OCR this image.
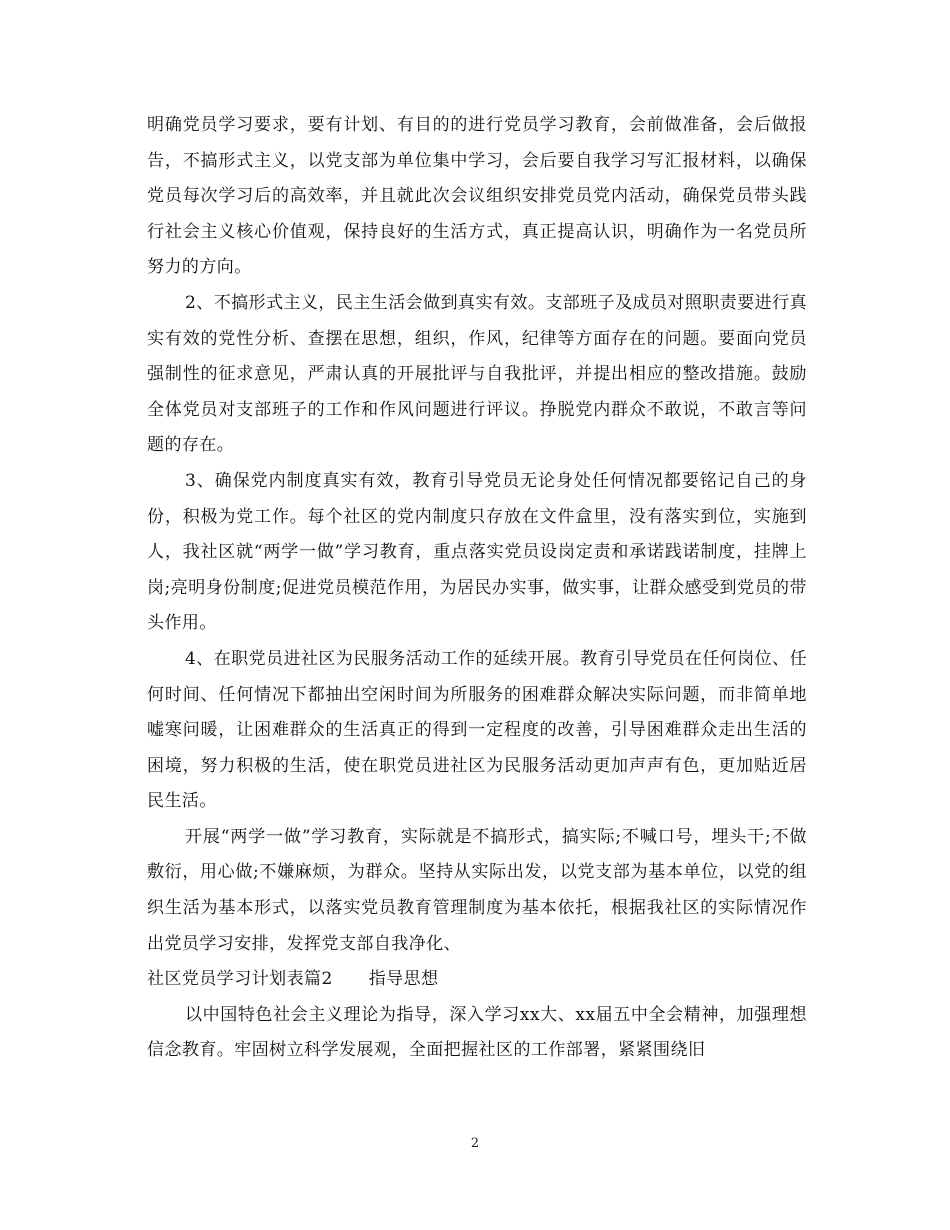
明确党员学习要求，要有计划、有目的的进行党员学习教育，会前做准备，会后做报告，不搞形式主义，以党支部为单位集中学习，会后要自我学习写汇报材料，以确保党员每次学习后的高效率，并且就此次会议组织安排党员党内活动，确保党员带头践行社会主义核心价值观，保持良好的生活方式，真正提高认识，明确作为一名党员所努力的方向。

2、不搞形式主义，民主生活会做到真实有效。支部班子及成员对照职责要进行真实有效的党性分析、查摆在思想，组织，作风，纪律等方面存在的问题。要面向党员强制性的征求意见，严肃认真的开展批评与自我批评，并提出相应的整改措施。鼓励全体党员对支部班子的工作和作风问题进行评议。挣脱党内群众不敢说，不敢言等问题的存在。

3、确保党内制度真实有效，教育引导党员无论身处任何情况都要铭记自己的身份，积极为党工作。每个社区的党内制度只存放在文件盒里，没有落实到位，实施到人，我社区就“两学一做”学习教育，重点落实党员设岗定责和承诺践诺制度，挂牌上岗;亮明身份制度;促进党员模范作用，为居民办实事，做实事，让群众感受到党员的带头作用。

4、在职党员进社区为民服务活动工作的延续开展。教育引导党员在任何岗位、任何时间、任何情况下都抽出空闲时间为所服务的困难群众解决实际问题，而非简单地嘘寒问暖，让困难群众的生活真正的得到一定程度的改善，引导困难群众走出生活的困境，努力积极的生活，使在职党员进社区为民服务活动更加声声有色，更加贴近居民生活。

开展“两学一做”学习教育，实际就是不搞形式，搞实际;不喊口号，埋头干;不做敷衍，用心做;不嫌麻烦，为群众。坚持从实际出发，以党支部为基本单位，以党的组织生活为基本形式，以落实党员教育管理制度为基本依托，根据我社区的实际情况作出党员学习安排，发挥党支部自我净化、

社区党员学习计划表篇2 指导思想

以中国特色社会主义理论为指导，深入学习xx大、xx届五中全会精神，加强理想信念教育。牢固树立科学发展观，全面把握社区的工作部署，紧紧围绕旧

2
